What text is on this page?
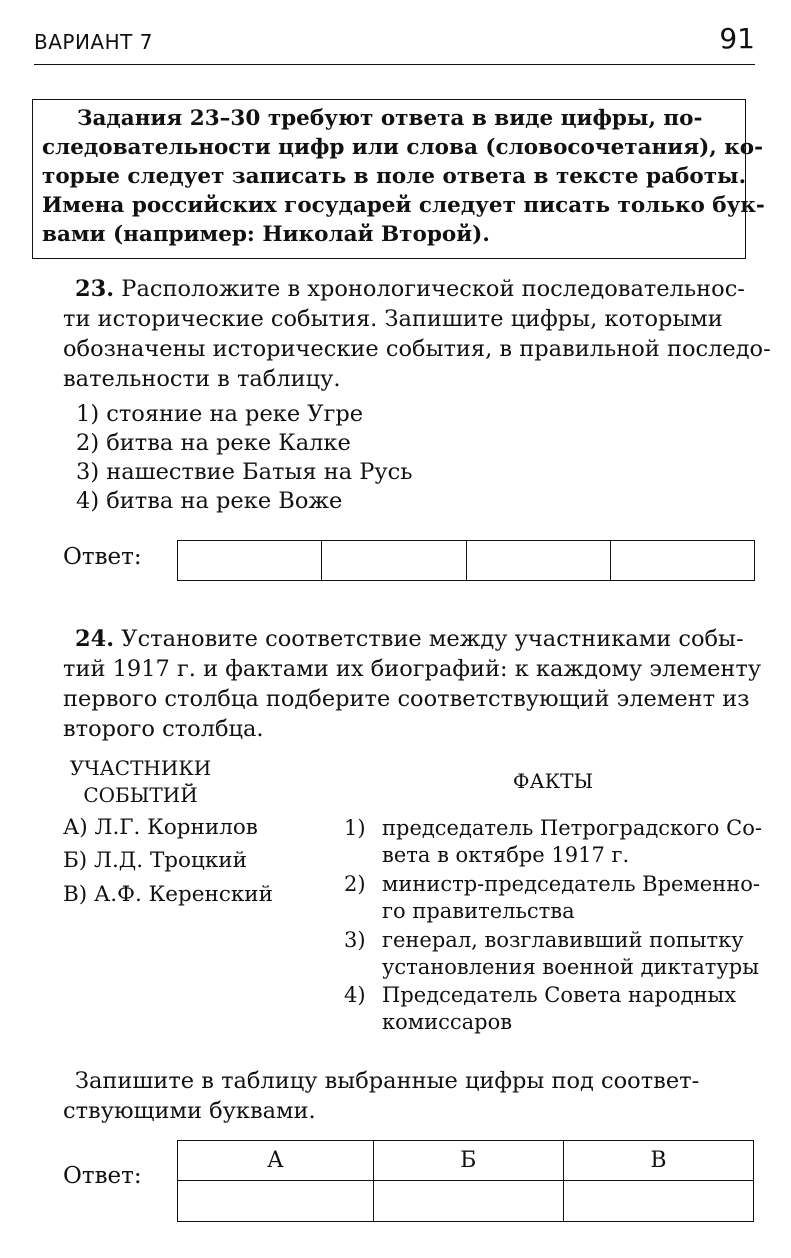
ВАРИАНТ 7	91
Задания 23–30 требуют ответа в виде цифры, по-
следовательности цифр или слова (словосочетания), ко-
торые следует записать в поле ответа в тексте работы.
Имена российских государей следует писать только бук-
вами (например: Николай Второй).
23. Расположите в хронологической последовательнос-
ти исторические события. Запишите цифры, которыми
обозначены исторические события, в правильной последо-
вательности в таблицу.
1) стояние на реке Угре
2) битва на реке Калке
3) нашествие Батыя на Русь
4) битва на реке Воже
Ответ:

24. Установите соответствие между участниками собы-
тий 1917 г. и фактами их биографий: к каждому элементу
первого столбца подберите соответствующий элемент из
второго столбца.
УЧАСТНИКИ
СОБЫТИЙ
ФАКТЫ
А) Л.Г. Корнилов
Б) Л.Д. Троцкий
В) А.Ф. Керенский
1) председатель Петроградского Со-
вета в октябре 1917 г.
2) министр-председатель Временно-
го правительства
3) генерал, возглавивший попытку
установления военной диктатуры
4) Председатель Совета народных
комиссаров
Запишите в таблицу выбранные цифры под соответ-
ствующими буквами.
Ответ:
А	Б	В
